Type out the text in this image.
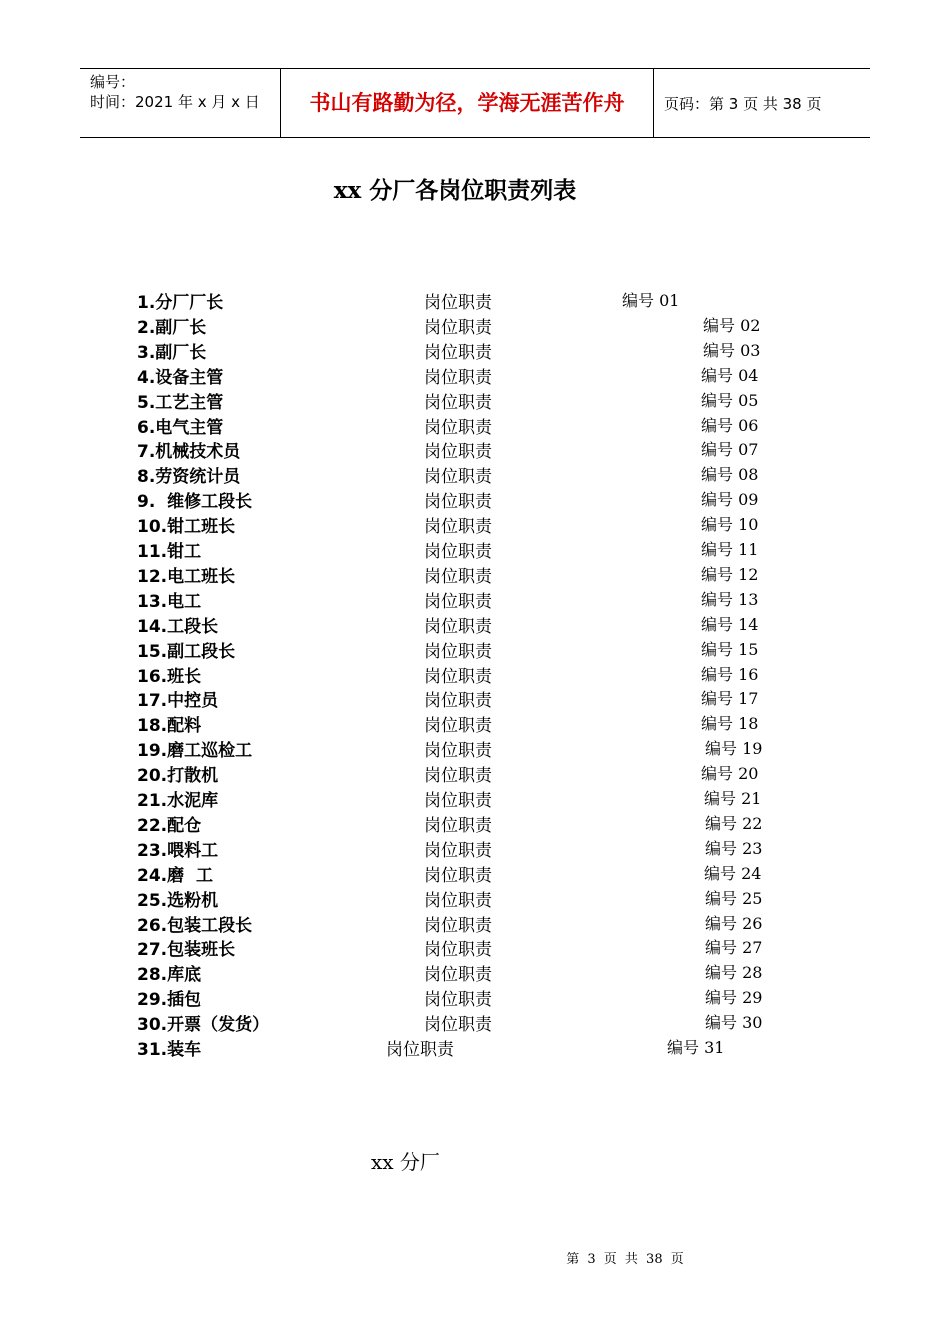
编号：
时间：2021 年 x 月 x 日	书山有路勤为径，学海无涯苦作舟	页码：第 3 页 共 38 页
xx 分厂各岗位职责列表
1.分厂厂长	岗位职责	编号 01
2.副厂长	岗位职责	编号 02
3.副厂长	岗位职责	编号 03
4.设备主管	岗位职责	编号 04
5.工艺主管	岗位职责	编号 05
6.电气主管	岗位职责	编号 06
7.机械技术员	岗位职责	编号 07
8.劳资统计员	岗位职责	编号 08
9.  维修工段长	岗位职责	编号 09
10.钳工班长	岗位职责	编号 10
11.钳工	岗位职责	编号 11
12.电工班长	岗位职责	编号 12
13.电工	岗位职责	编号 13
14.工段长	岗位职责	编号 14
15.副工段长	岗位职责	编号 15
16.班长	岗位职责	编号 16
17.中控员	岗位职责	编号 17
18.配料	岗位职责	编号 18
19.磨工巡检工	岗位职责	编号 19
20.打散机	岗位职责	编号 20
21.水泥库	岗位职责	编号 21
22.配仓	岗位职责	编号 22
23.喂料工	岗位职责	编号 23
24.磨  工	岗位职责	编号 24
25.选粉机	岗位职责	编号 25
26.包装工段长	岗位职责	编号 26
27.包装班长	岗位职责	编号 27
28.库底	岗位职责	编号 28
29.插包	岗位职责	编号 29
30.开票（发货）	岗位职责	编号 30
31.装车	岗位职责	编号 31
xx 分厂
第 3 页 共 38 页
